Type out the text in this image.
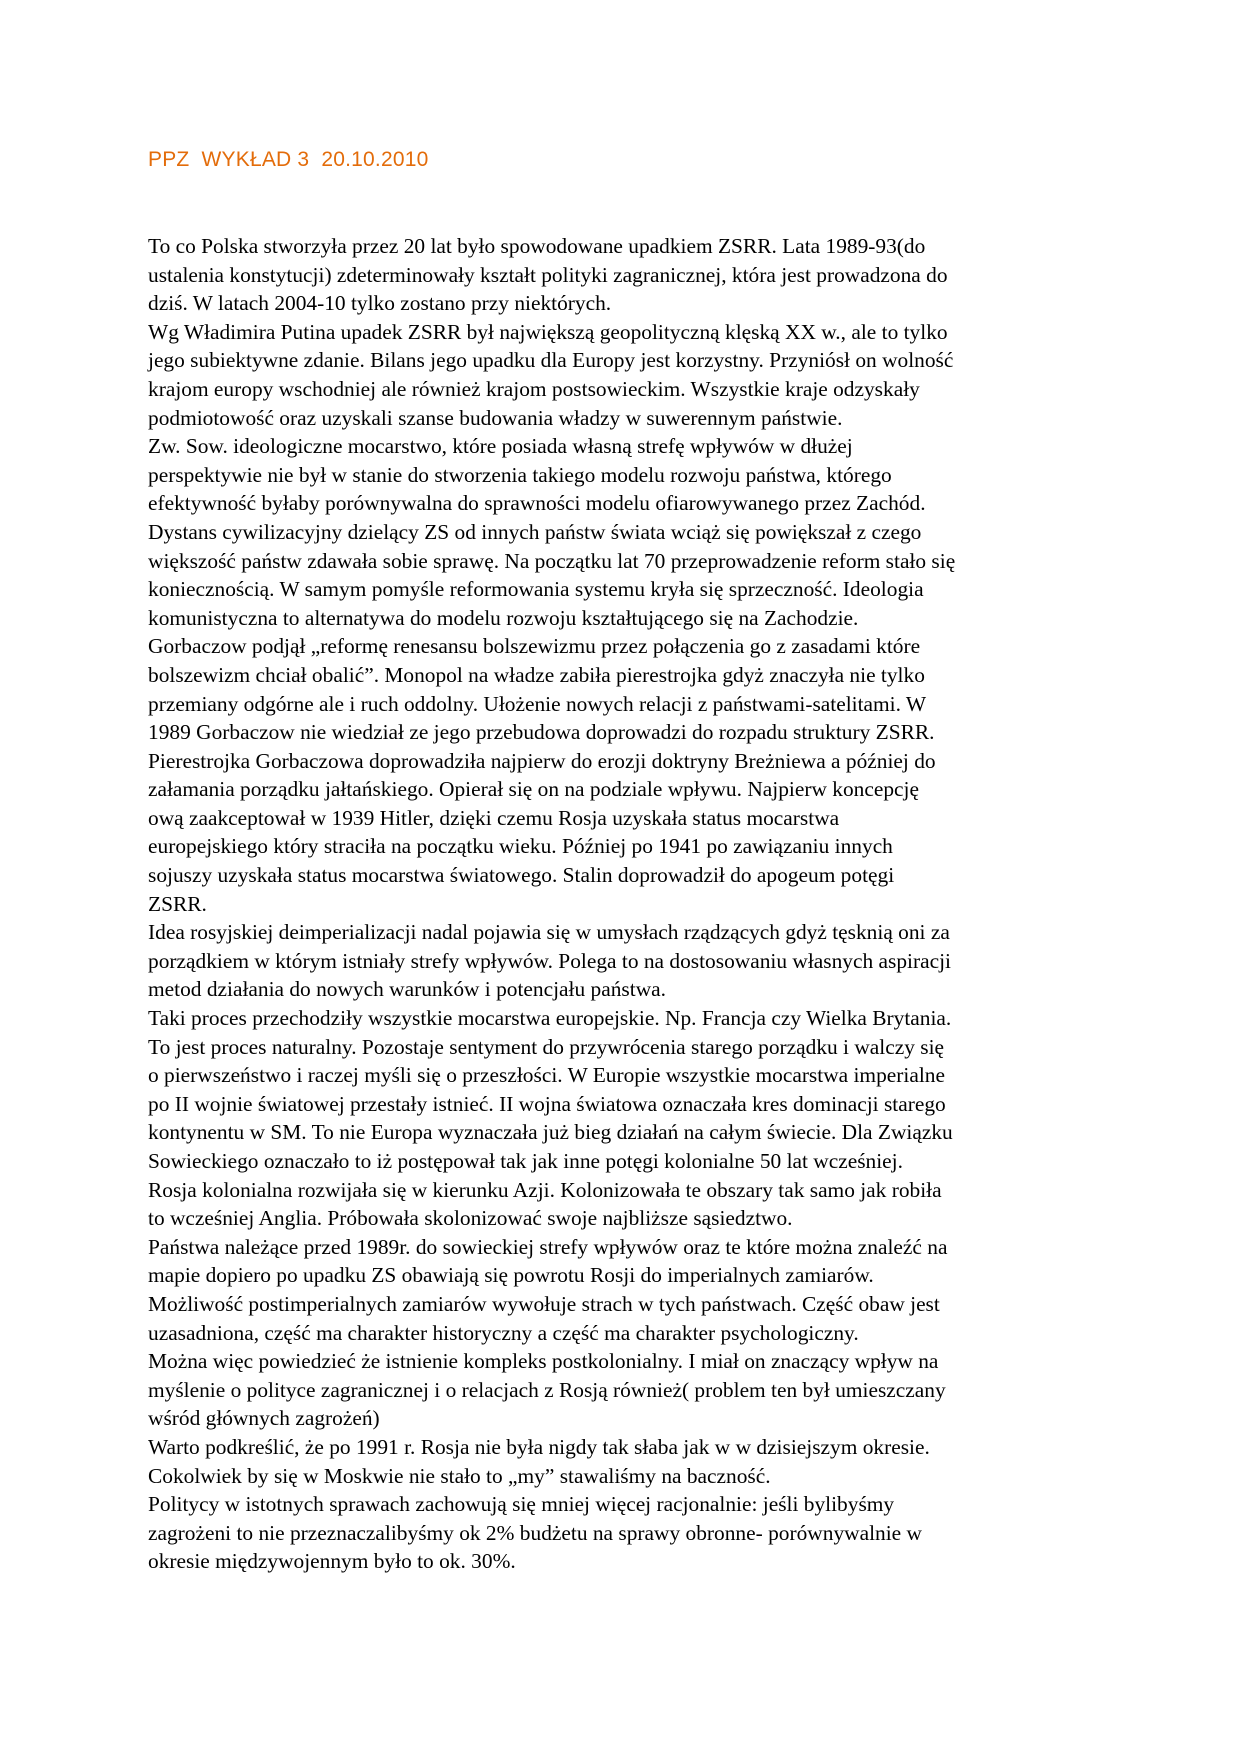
PPZ  WYKŁAD 3  20.10.2010
To co Polska stworzyła przez 20 lat było spowodowane upadkiem ZSRR. Lata 1989-93(do
ustalenia konstytucji) zdeterminowały kształt polityki zagranicznej, która jest prowadzona do
dziś. W latach 2004-10 tylko zostano przy niektórych.
Wg Władimira Putina upadek ZSRR był największą geopolityczną klęską XX w., ale to tylko
jego subiektywne zdanie. Bilans jego upadku dla Europy jest korzystny. Przyniósł on wolność
krajom europy wschodniej ale również krajom postsowieckim. Wszystkie kraje odzyskały
podmiotowość oraz uzyskali szanse budowania władzy w suwerennym państwie.
Zw. Sow. ideologiczne mocarstwo, które posiada własną strefę wpływów w dłużej
perspektywie nie był w stanie do stworzenia takiego modelu rozwoju państwa, którego
efektywność byłaby porównywalna do sprawności modelu ofiarowywanego przez Zachód.
Dystans cywilizacyjny dzielący ZS od innych państw świata wciąż się powiększał z czego
większość państw zdawała sobie sprawę. Na początku lat 70 przeprowadzenie reform stało się
koniecznością. W samym pomyśle reformowania systemu kryła się sprzeczność. Ideologia
komunistyczna to alternatywa do modelu rozwoju kształtującego się na Zachodzie.
Gorbaczow podjął „reformę renesansu bolszewizmu przez połączenia go z zasadami które
bolszewizm chciał obalić”. Monopol na władze zabiła pierestrojka gdyż znaczyła nie tylko
przemiany odgórne ale i ruch oddolny. Ułożenie nowych relacji z państwami-satelitami. W
1989 Gorbaczow nie wiedział ze jego przebudowa doprowadzi do rozpadu struktury ZSRR.
Pierestrojka Gorbaczowa doprowadziła najpierw do erozji doktryny Breżniewa a później do
załamania porządku jałtańskiego. Opierał się on na podziale wpływu. Najpierw koncepcję
ową zaakceptował w 1939 Hitler, dzięki czemu Rosja uzyskała status mocarstwa
europejskiego który straciła na początku wieku. Później po 1941 po zawiązaniu innych
sojuszy uzyskała status mocarstwa światowego. Stalin doprowadził do apogeum potęgi
ZSRR.
Idea rosyjskiej deimperializacji nadal pojawia się w umysłach rządzących gdyż tęsknią oni za
porządkiem w którym istniały strefy wpływów. Polega to na dostosowaniu własnych aspiracji
metod działania do nowych warunków i potencjału państwa.
Taki proces przechodziły wszystkie mocarstwa europejskie. Np. Francja czy Wielka Brytania.
To jest proces naturalny. Pozostaje sentyment do przywrócenia starego porządku i walczy się
o pierwszeństwo i raczej myśli się o przeszłości. W Europie wszystkie mocarstwa imperialne
po II wojnie światowej przestały istnieć. II wojna światowa oznaczała kres dominacji starego
kontynentu w SM. To nie Europa wyznaczała już bieg działań na całym świecie. Dla Związku
Sowieckiego oznaczało to iż postępował tak jak inne potęgi kolonialne 50 lat wcześniej.
Rosja kolonialna rozwijała się w kierunku Azji. Kolonizowała te obszary tak samo jak robiła
to wcześniej Anglia. Próbowała skolonizować swoje najbliższe sąsiedztwo.
Państwa należące przed 1989r. do sowieckiej strefy wpływów oraz te które można znaleźć na
mapie dopiero po upadku ZS obawiają się powrotu Rosji do imperialnych zamiarów.
Możliwość postimperialnych zamiarów wywołuje strach w tych państwach. Część obaw jest
uzasadniona, część ma charakter historyczny a część ma charakter psychologiczny.
Można więc powiedzieć że istnienie kompleks postkolonialny. I miał on znaczący wpływ na
myślenie o polityce zagranicznej i o relacjach z Rosją również( problem ten był umieszczany
wśród głównych zagrożeń)
Warto podkreślić, że po 1991 r. Rosja nie była nigdy tak słaba jak w w dzisiejszym okresie.
Cokolwiek by się w Moskwie nie stało to „my” stawaliśmy na baczność.
Politycy w istotnych sprawach zachowują się mniej więcej racjonalnie: jeśli bylibyśmy
zagrożeni to nie przeznaczalibyśmy ok 2% budżetu na sprawy obronne- porównywalnie w
okresie międzywojennym było to ok. 30%.
